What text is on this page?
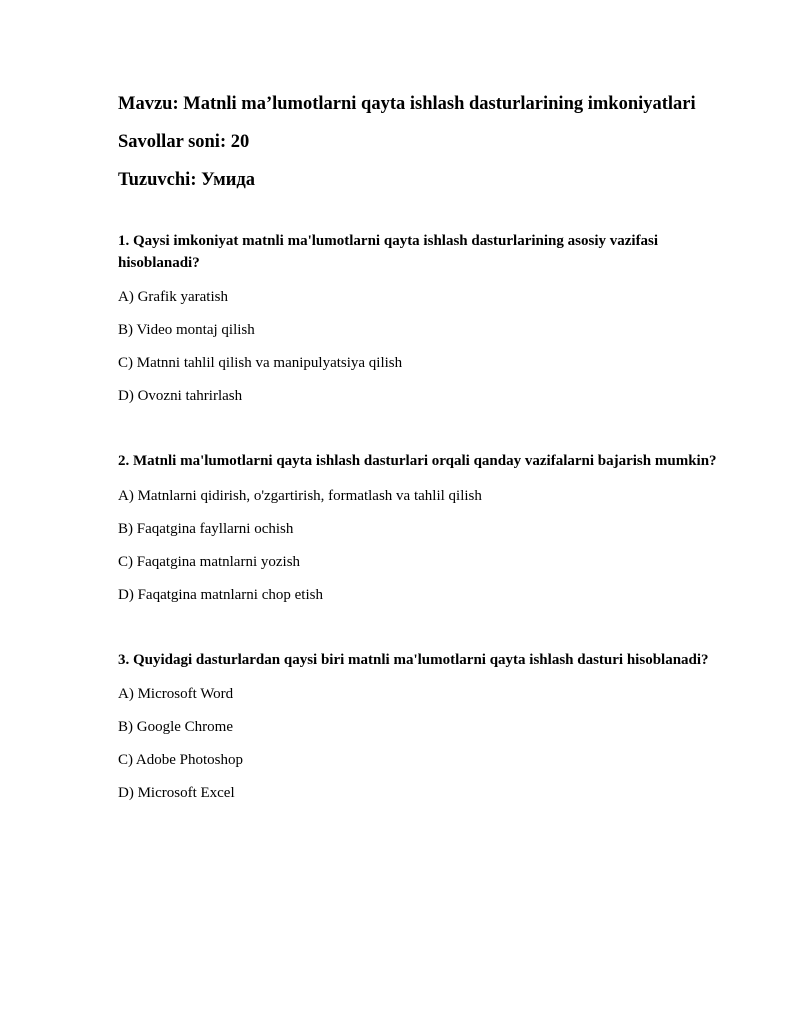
Mavzu: Matnli ma’lumotlarni qayta ishlash dasturlarining imkoniyatlari

Savollar soni: 20

Tuzuvchi: Умида

1. Qaysi imkoniyat matnli ma'lumotlarni qayta ishlash dasturlarining asosiy vazifasi hisoblanadi?

A) Grafik yaratish

B) Video montaj qilish

C) Matnni tahlil qilish va manipulyatsiya qilish

D) Ovozni tahrirlash

2. Matnli ma'lumotlarni qayta ishlash dasturlari orqali qanday vazifalarni bajarish mumkin?

A) Matnlarni qidirish, o'zgartirish, formatlash va tahlil qilish

B) Faqatgina fayllarni ochish

C) Faqatgina matnlarni yozish

D) Faqatgina matnlarni chop etish

3. Quyidagi dasturlardan qaysi biri matnli ma'lumotlarni qayta ishlash dasturi hisoblanadi?

A) Microsoft Word

B) Google Chrome

C) Adobe Photoshop

D) Microsoft Excel
